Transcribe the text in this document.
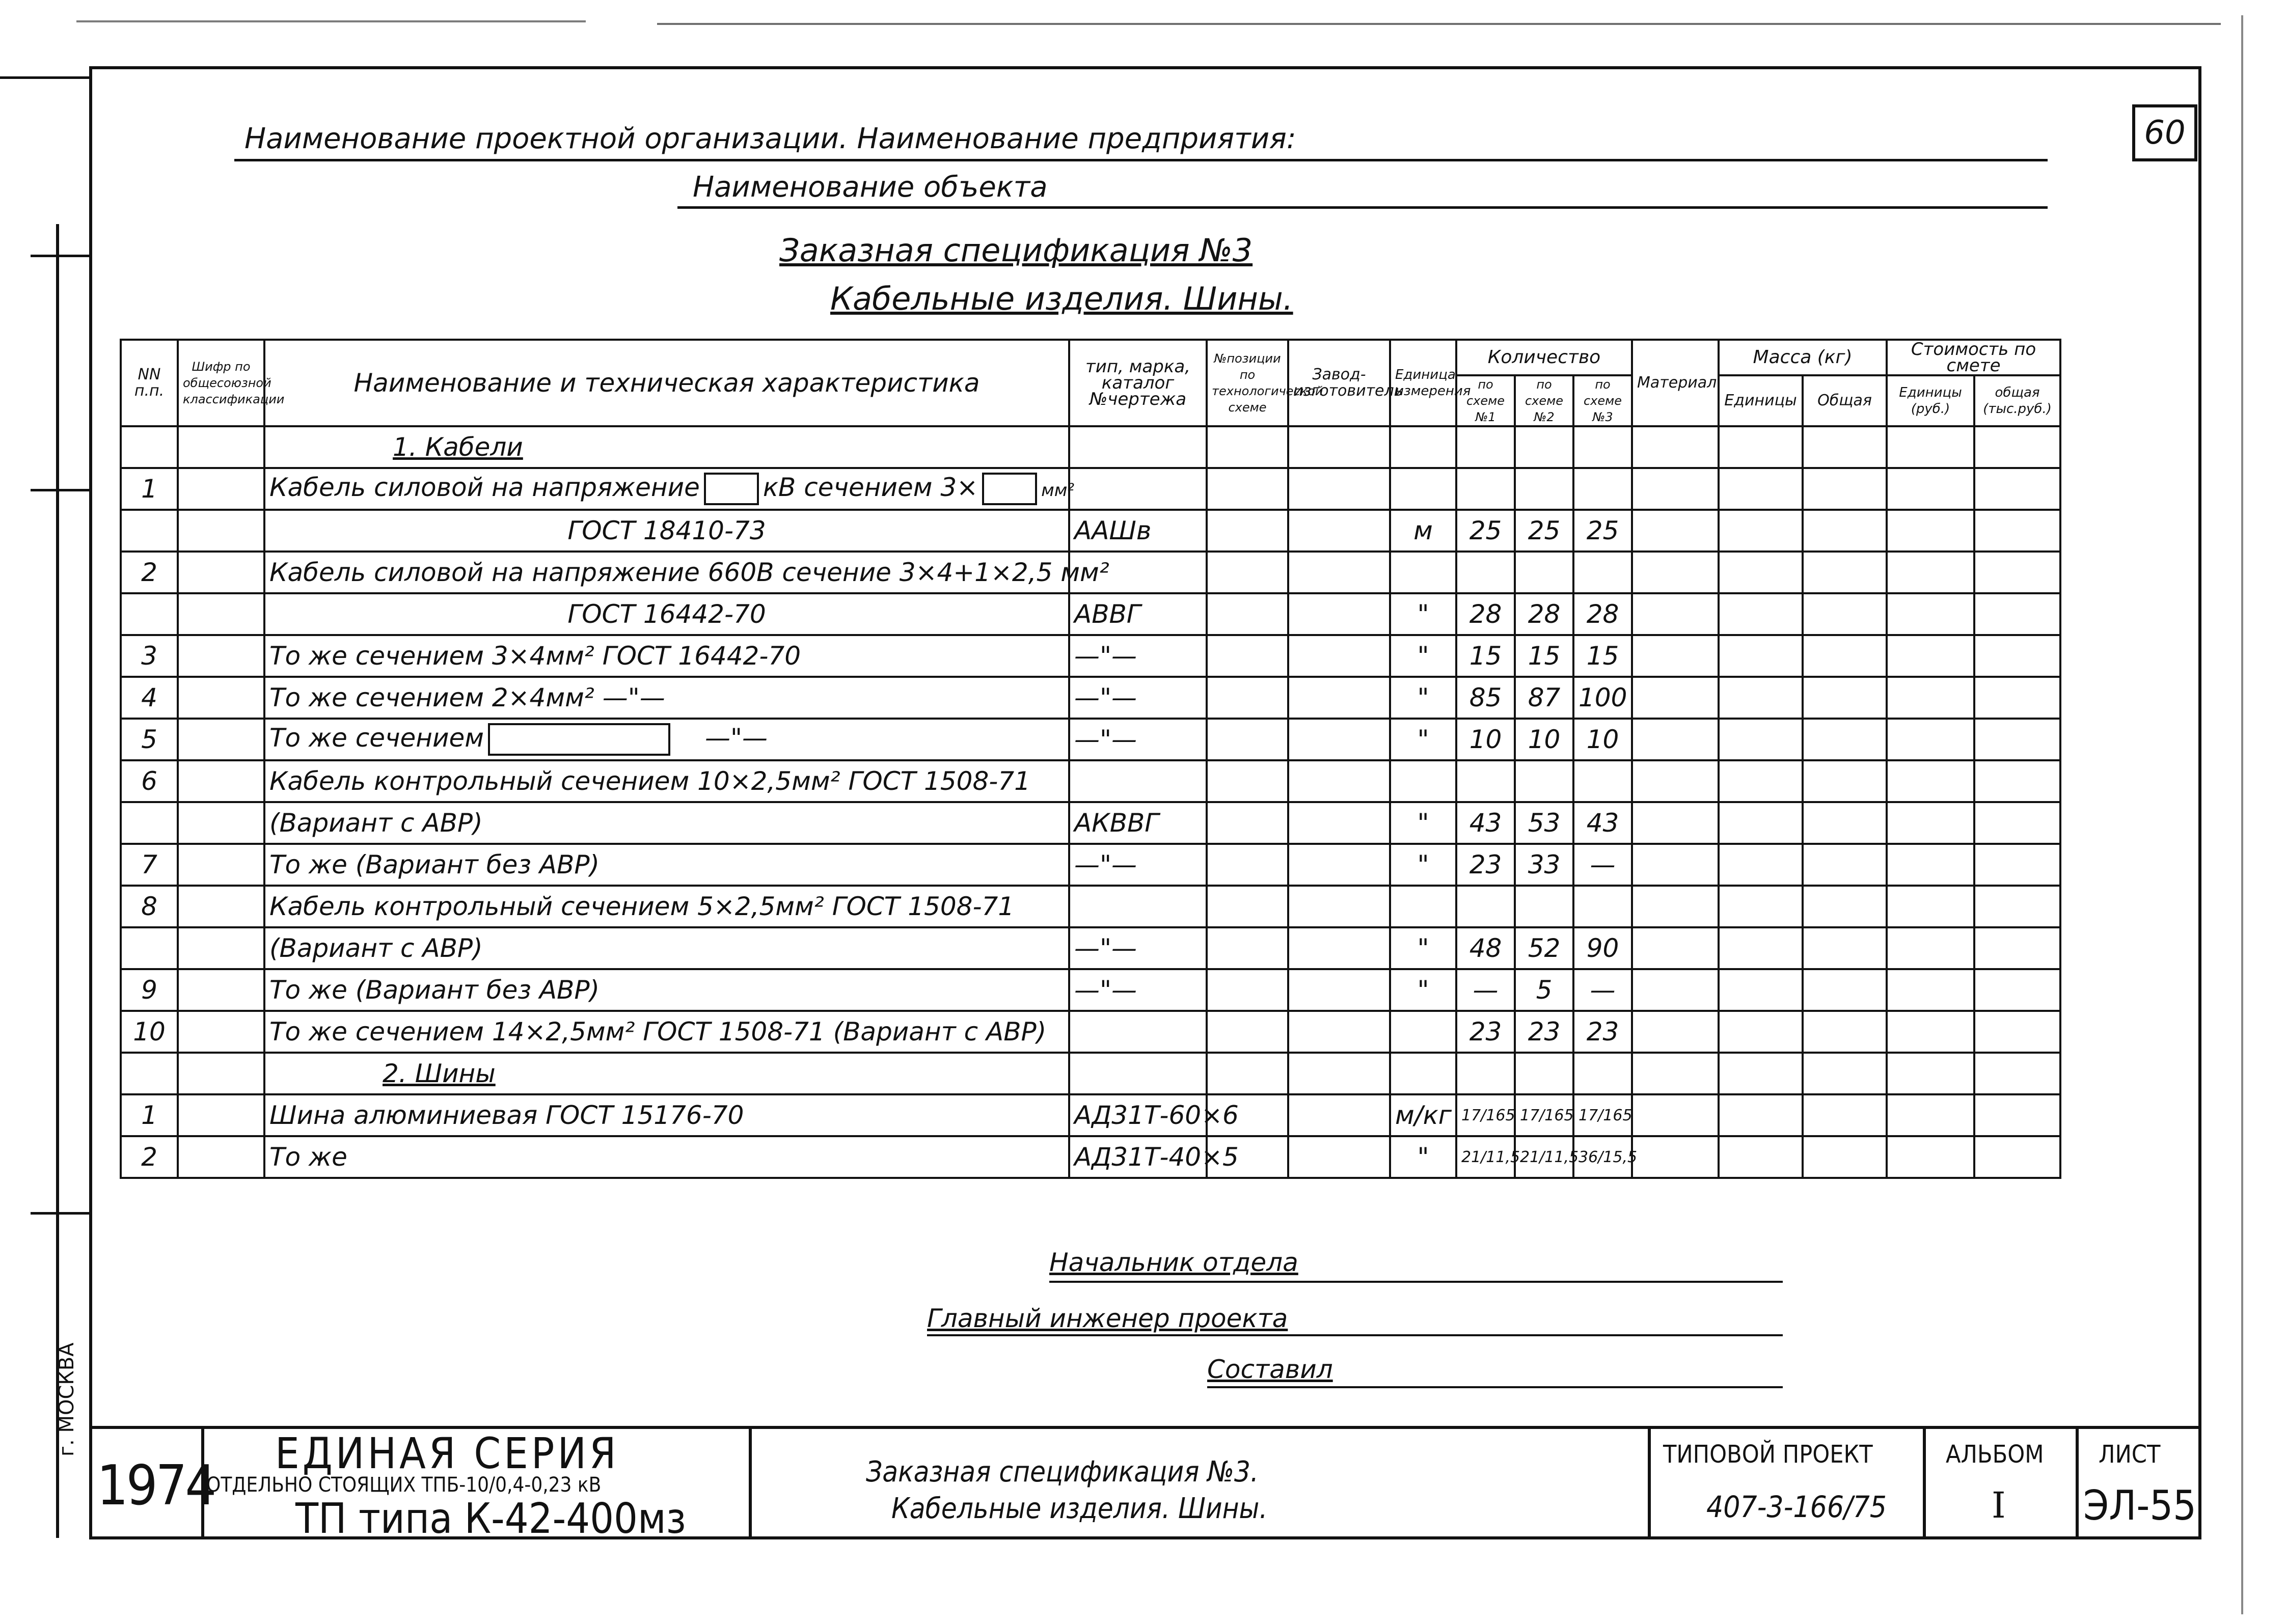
60
Наименование проектной организации. Наименование предприятия:
Наименование объекта
Заказная спецификация №3
Кабельные изделия. Шины.
NN п.п.	Шифр по общесоюзной классификации	Наименование и техническая характеристика	тип, марка, каталог №чертежа	№позиции по технологической схеме	Завод-изготовитель	Единица измерения	Количество			Материал	Масса (кг)		Стоимость по смете	
							по схеме №1	по схеме №2	по схеме №3		Единицы	Общая	Единицы (руб.)	общая (тыс.руб.)
		1. Кабели												
1		Кабель силовой на напряжение кВ сечением 3× мм²												
		ГОСТ 18410-73	ААШв			м	25	25	25					
2		Кабель силовой на напряжение 660В сечение 3×4+1×2,5 мм²												
		ГОСТ 16442-70	АВВГ			"	28	28	28					
3		То же сечением 3×4мм² ГОСТ 16442-70	—"—			"	15	15	15					
4		То же сечением 2×4мм² —"—	—"—			"	85	87	100					
5		То же сечением —"—	—"—			"	10	10	10					
6		Кабель контрольный сечением 10×2,5мм² ГОСТ 1508-71												
		(Вариант с АВР)	АКВВГ			"	43	53	43					
7		То же (Вариант без АВР)	—"—			"	23	33	—					
8		Кабель контрольный сечением 5×2,5мм² ГОСТ 1508-71												
		(Вариант с АВР)	—"—			"	48	52	90					
9		То же (Вариант без АВР)	—"—			"	—	5	—					
10		То же сечением 14×2,5мм² ГОСТ 1508-71 (Вариант с АВР)					23	23	23					
		2. Шины												
1		Шина алюминиевая ГОСТ 15176-70	АД31Т-60×6			м/кг	17/165	17/165	17/165					
2		То же	АД31Т-40×5			"	21/11,5	21/11,5	36/15,5					
Начальник отдела
Главный инженер проекта
Составил
1974
ЕДИНАЯ СЕРИЯ
ОТДЕЛЬНО СТОЯЩИХ ТПБ-10/0,4-0,23 кВ
ТП типа К-42-400мз
Заказная спецификация №3.
Кабельные изделия. Шины.
ТИПОВОЙ ПРОЕКТ
407-3-166/75
АЛЬБОМ
I
ЛИСТ
ЭЛ-55
г. МОСКВА
